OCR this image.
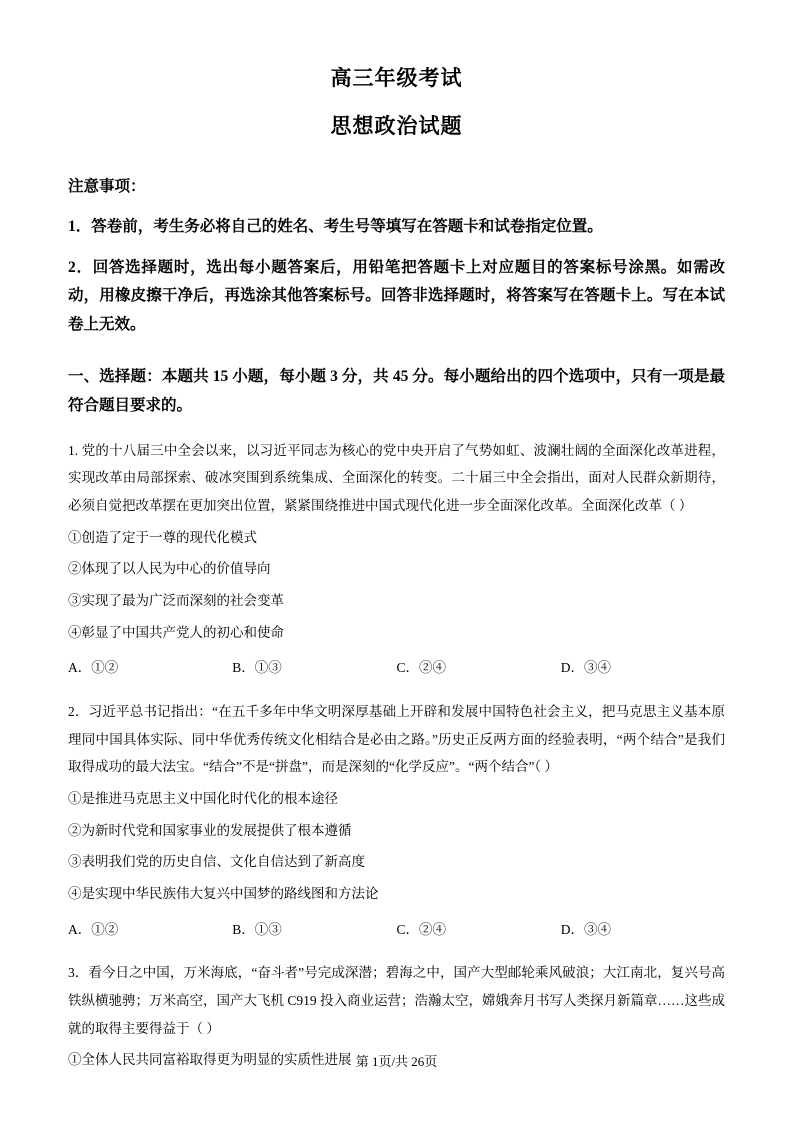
高三年级考试
思想政治试题
注意事项：
1．答卷前，考生务必将自己的姓名、考生号等填写在答题卡和试卷指定位置。
2．回答选择题时，选出每小题答案后，用铅笔把答题卡上对应题目的答案标号涂黑。如需改动，用橡皮擦干净后，再选涂其他答案标号。回答非选择题时，将答案写在答题卡上。写在本试卷上无效。
一、选择题：本题共 15 小题，每小题 3 分，共 45 分。每小题给出的四个选项中，只有一项是最符合题目要求的。
1. 党的十八届三中全会以来，以习近平同志为核心的党中央开启了气势如虹、波澜壮阔的全面深化改革进程，实现改革由局部探索、破冰突围到系统集成、全面深化的转变。二十届三中全会指出，面对人民群众新期待，必须自觉把改革摆在更加突出位置，紧紧围绕推进中国式现代化进一步全面深化改革。全面深化改革（ ）
①创造了定于一尊的现代化模式
②体现了以人民为中心的价值导向
③实现了最为广泛而深刻的社会变革
④彰显了中国共产党人的初心和使命
A．①②	B．①③	C．②④	D．③④
2．习近平总书记指出：“在五千多年中华文明深厚基础上开辟和发展中国特色社会主义，把马克思主义基本原理同中国具体实际、同中华优秀传统文化相结合是必由之路。”历史正反两方面的经验表明，“两个结合”是我们取得成功的最大法宝。“结合”不是“拼盘”，而是深刻的“化学反应”。“两个结合”（ ）
①是推进马克思主义中国化时代化的根本途径
②为新时代党和国家事业的发展提供了根本遵循
③表明我们党的历史自信、文化自信达到了新高度
④是实现中华民族伟大复兴中国梦的路线图和方法论
A．①②	B．①③	C．②④	D．③④
3．看今日之中国，万米海底，“奋斗者”号完成深潜；碧海之中，国产大型邮轮乘风破浪；大江南北，复兴号高铁纵横驰骋；万米高空，国产大飞机 C919 投入商业运营；浩瀚太空，嫦娥奔月书写人类探月新篇章……这些成就的取得主要得益于（ ）
①全体人民共同富裕取得更为明显的实质性进展 第 1页/共 26页
